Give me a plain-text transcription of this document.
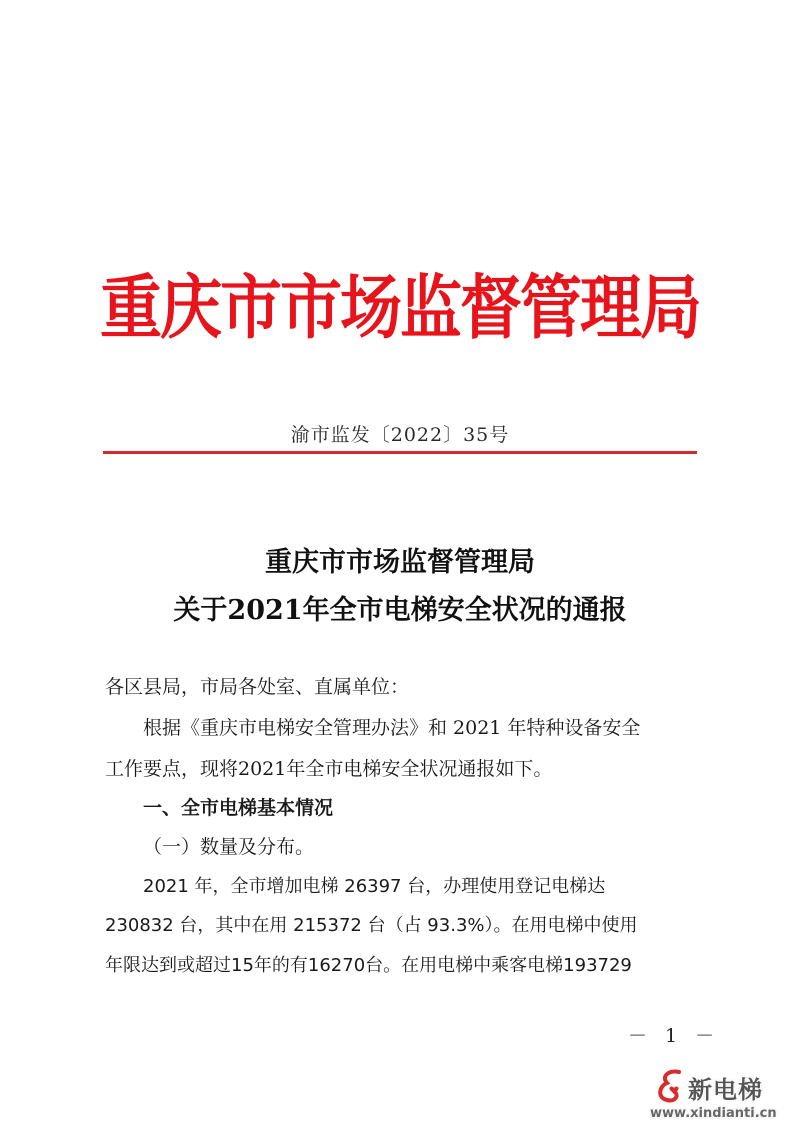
重庆市市场监督管理局
渝市监发〔2022〕35号
重庆市市场监督管理局
关于2021年全市电梯安全状况的通报
各区县局，市局各处室、直属单位：
根据《重庆市电梯安全管理办法》和 2021 年特种设备安全
工作要点，现将2021年全市电梯安全状况通报如下。
一、全市电梯基本情况
（一）数量及分布。
2021 年，全市增加电梯 26397 台，办理使用登记电梯达
230832 台，其中在用 215372 台（占 93.3%）。在用电梯中使用
年限达到或超过15年的有16270台。在用电梯中乘客电梯193729
－ 1 －
新电梯
www.xindianti.cn
